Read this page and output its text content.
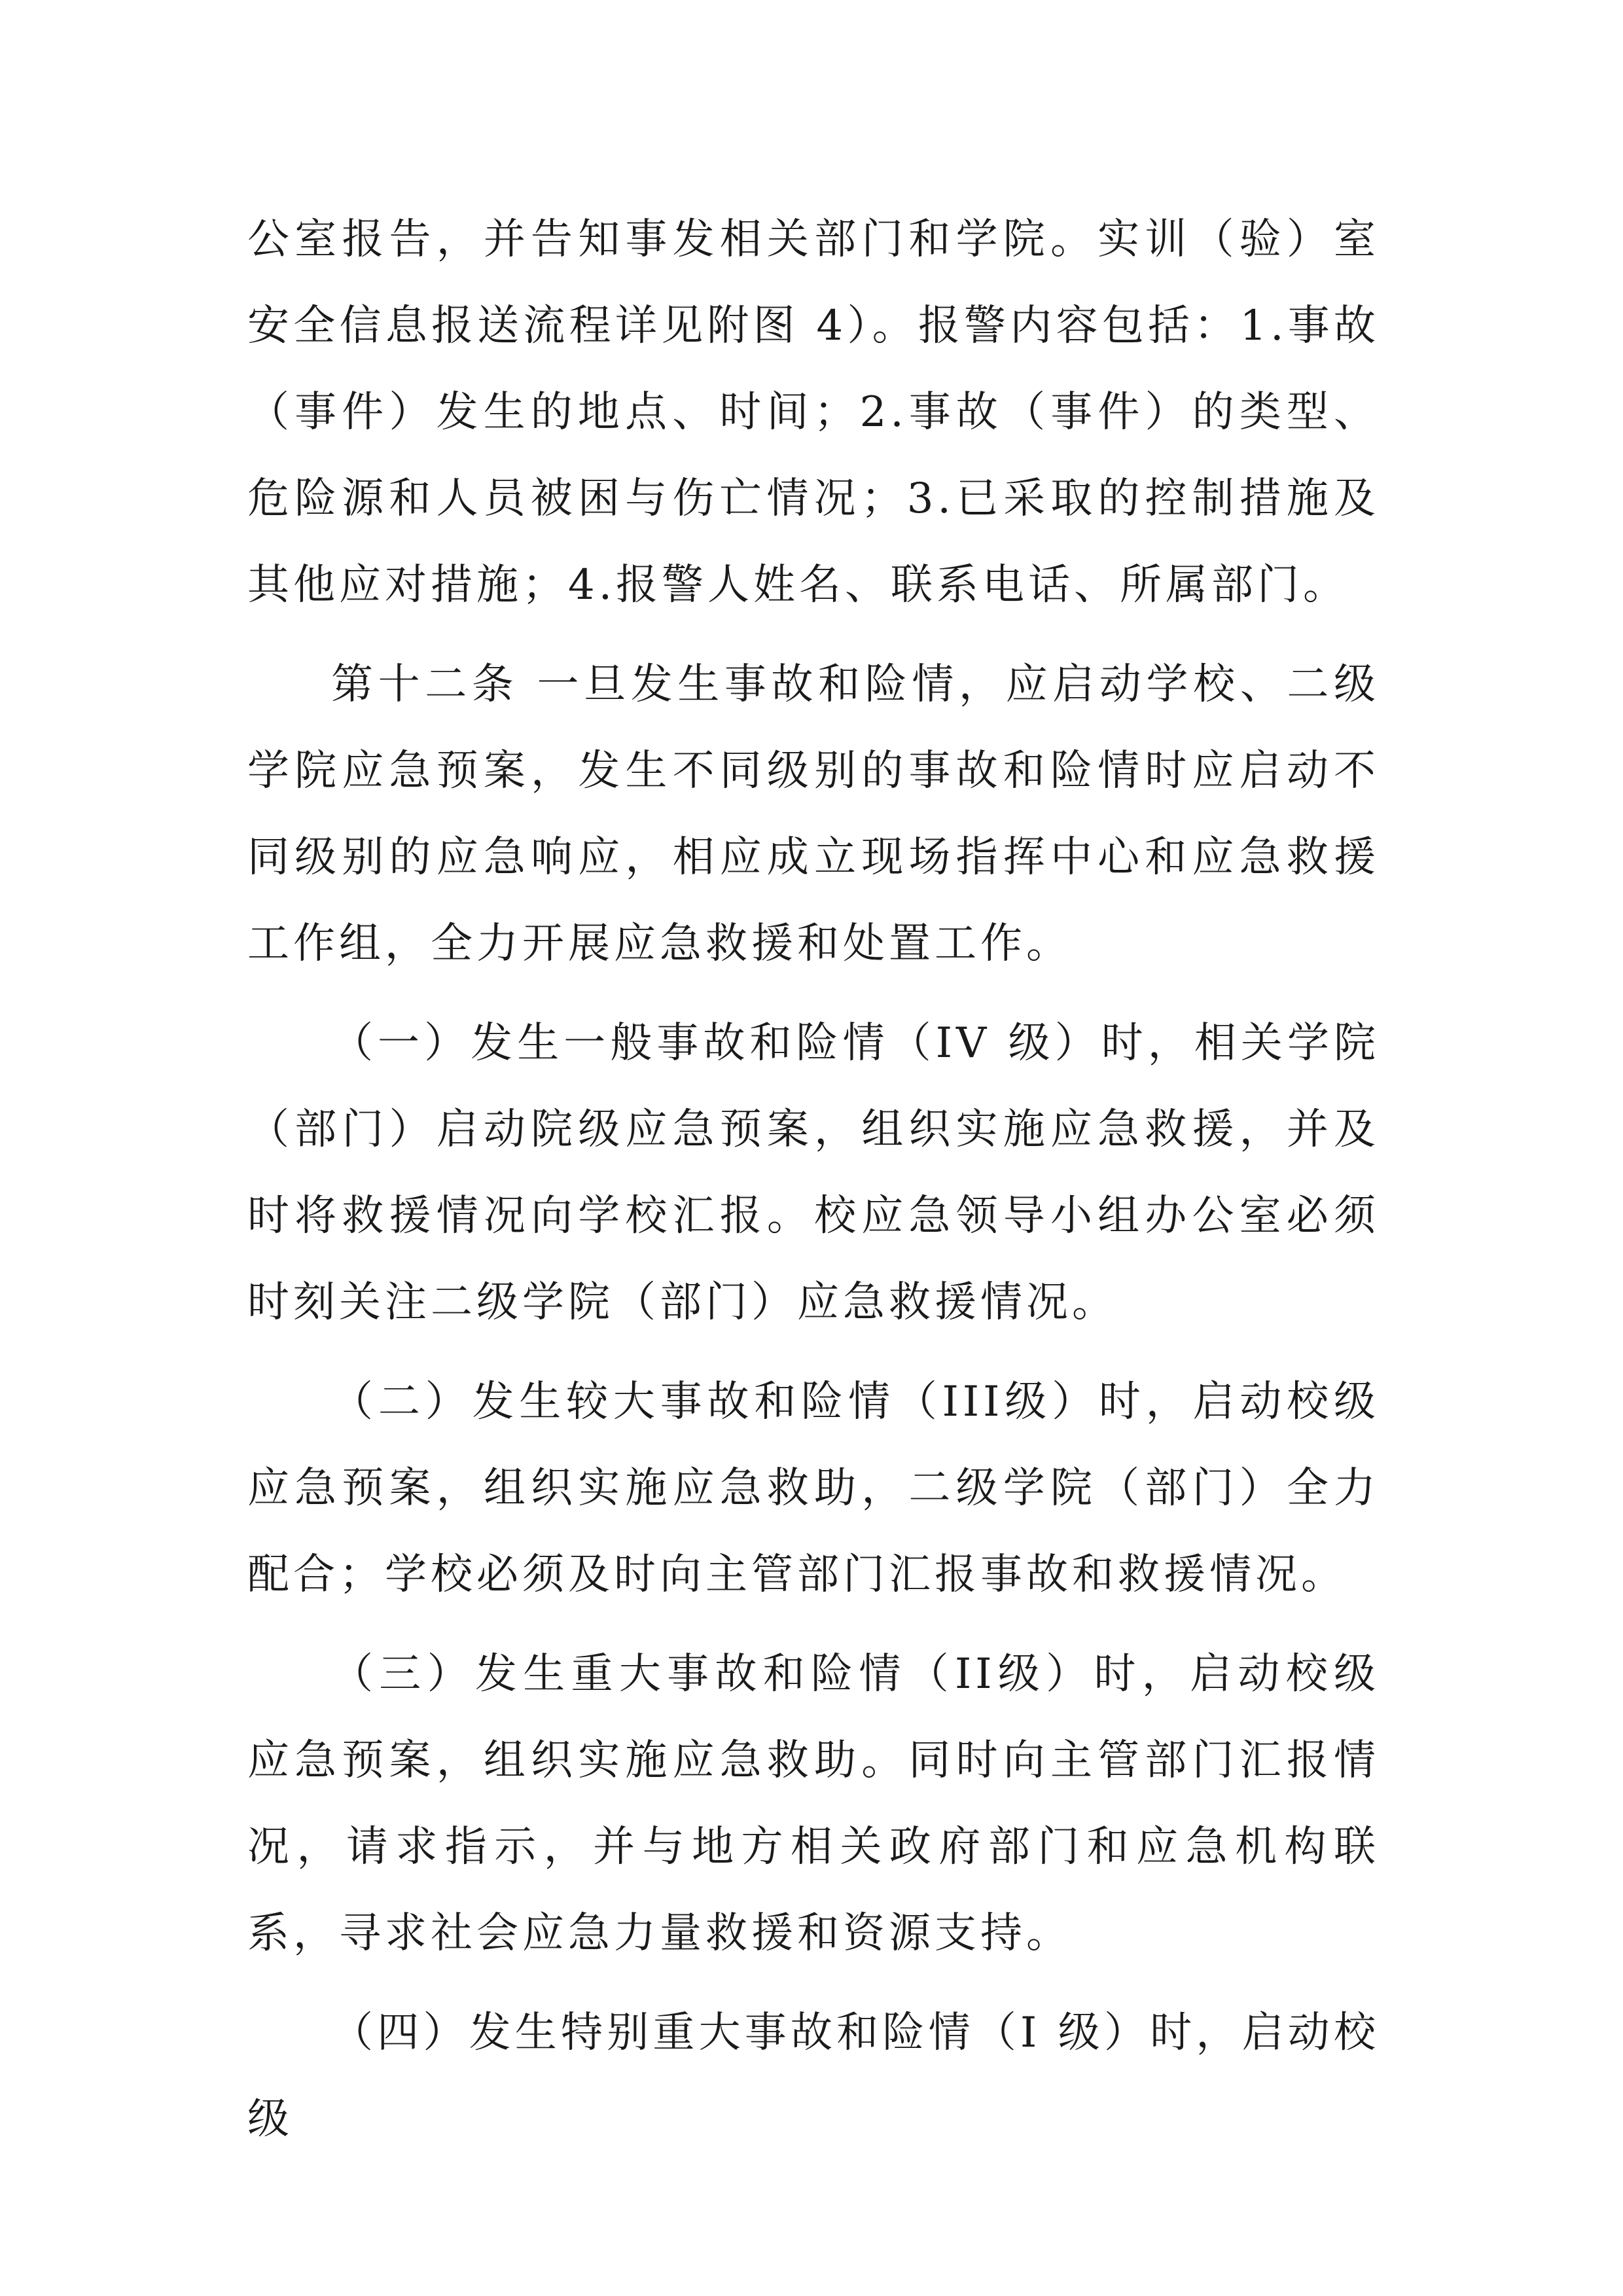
公室报告，并告知事发相关部门和学院。实训（验）室安全信息报送流程详见附图 4）。报警内容包括：1.事故（事件）发生的地点、时间；2.事故（事件）的类型、危险源和人员被困与伤亡情况；3.已采取的控制措施及其他应对措施；4.报警人姓名、联系电话、所属部门。

第十二条 一旦发生事故和险情，应启动学校、二级学院应急预案，发生不同级别的事故和险情时应启动不同级别的应急响应，相应成立现场指挥中心和应急救援工作组，全力开展应急救援和处置工作。

（一）发生一般事故和险情（IV 级）时，相关学院（部门）启动院级应急预案，组织实施应急救援，并及时将救援情况向学校汇报。校应急领导小组办公室必须时刻关注二级学院（部门）应急救援情况。

（二）发生较大事故和险情（III级）时，启动校级应急预案，组织实施应急救助，二级学院（部门）全力配合；学校必须及时向主管部门汇报事故和救援情况。

（三）发生重大事故和险情（II级）时，启动校级应急预案，组织实施应急救助。同时向主管部门汇报情况，请求指示，并与地方相关政府部门和应急机构联系，寻求社会应急力量救援和资源支持。

（四）发生特别重大事故和险情（I 级）时，启动校级
